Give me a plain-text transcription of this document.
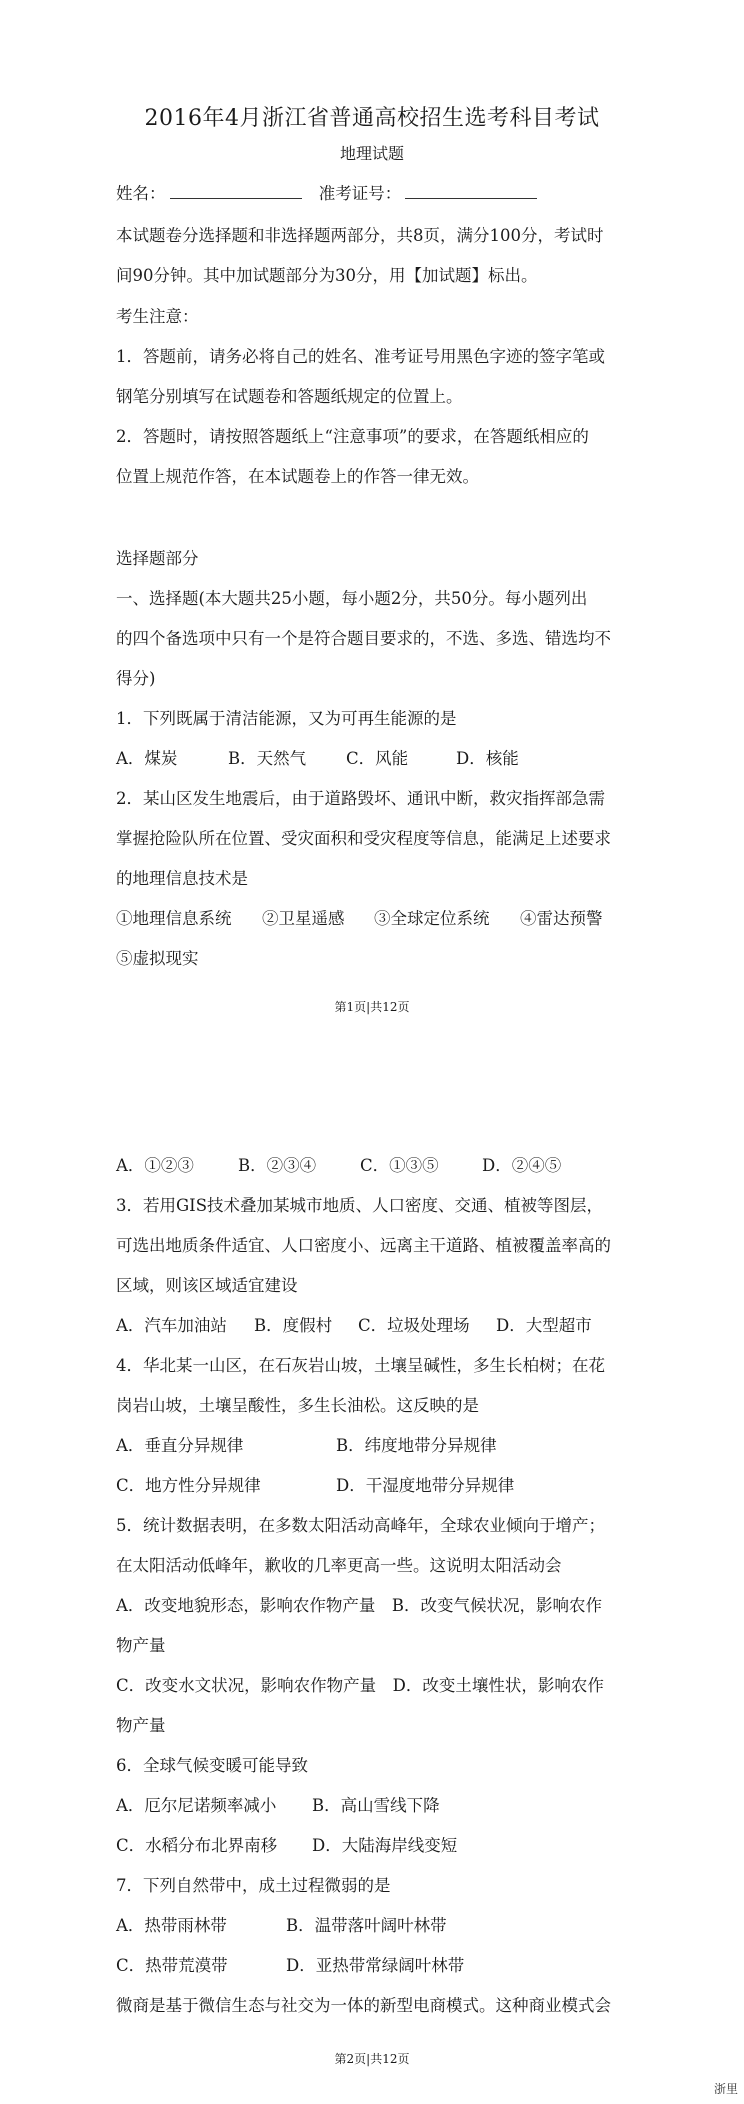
2016年4月浙江省普通高校招生选考科目考试
地理试题
姓名：	准考证号：
本试题卷分选择题和非选择题两部分，共8页，满分100分，考试时
间90分钟。其中加试题部分为30分，用【加试题】标出。
考生注意：
1．答题前，请务必将自己的姓名、准考证号用黑色字迹的签字笔或
钢笔分别填写在试题卷和答题纸规定的位置上。
2．答题时，请按照答题纸上“注意事项”的要求，在答题纸相应的
位置上规范作答，在本试题卷上的作答一律无效。
选择题部分
一、选择题(本大题共25小题，每小题2分，共50分。每小题列出
的四个备选项中只有一个是符合题目要求的，不选、多选、错选均不
得分)
1．下列既属于清洁能源，又为可再生能源的是
A．煤炭	B．天然气 C．风能	D．核能
2．某山区发生地震后，由于道路毁坏、通讯中断，救灾指挥部急需
掌握抢险队所在位置、受灾面积和受灾程度等信息，能满足上述要求
的地理信息技术是
①地理信息系统 ②卫星遥感 ③全球定位系统 ④雷达预警
⑤虚拟现实
第1页|共12页
A．①②③	B．②③④	C．①③⑤	D．②④⑤
3．若用GIS技术叠加某城市地质、人口密度、交通、植被等图层，
可选出地质条件适宜、人口密度小、远离主干道路、植被覆盖率高的
区域，则该区域适宜建设
A．汽车加油站 B．度假村 C．垃圾处理场 D．大型超市
4．华北某一山区，在石灰岩山坡，土壤呈碱性，多生长柏树；在花
岗岩山坡，土壤呈酸性，多生长油松。这反映的是
A．垂直分异规律	B．纬度地带分异规律
C．地方性分异规律	D．干湿度地带分异规律
5．统计数据表明，在多数太阳活动高峰年，全球农业倾向于增产；
在太阳活动低峰年，歉收的几率更高一些。这说明太阳活动会
A．改变地貌形态，影响农作物产量　B．改变气候状况，影响农作
物产量
C．改变水文状况，影响农作物产量　D．改变土壤性状，影响农作
物产量
6．全球气候变暖可能导致
A．厄尔尼诺频率减小 B．高山雪线下降
C．水稻分布北界南移 D．大陆海岸线变短
7．下列自然带中，成土过程微弱的是
A．热带雨林带	B．温带落叶阔叶林带
C．热带荒漠带	D．亚热带常绿阔叶林带
微商是基于微信生态与社交为一体的新型电商模式。这种商业模式会
第2页|共12页
浙里
